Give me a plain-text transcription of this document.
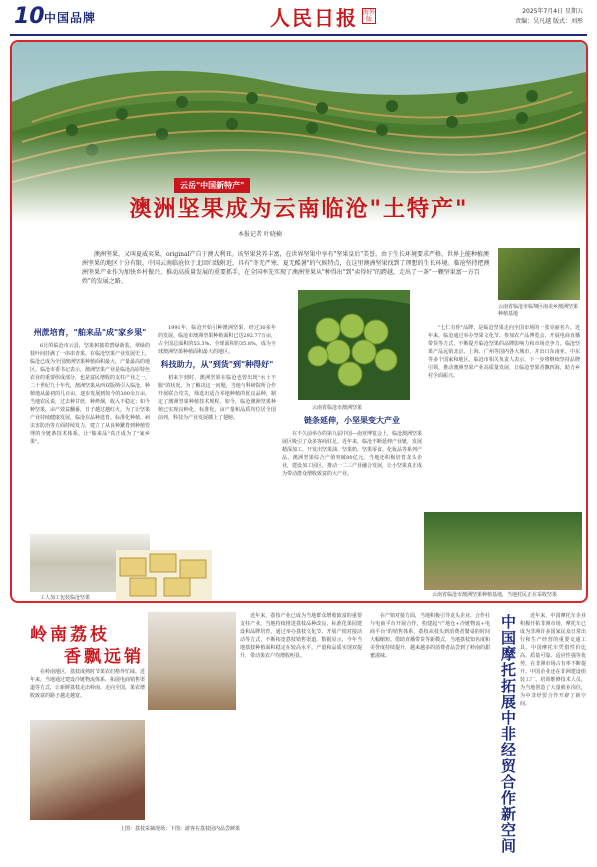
10 中国品牌	人民日报 海外版
2025年7月4日 星期五
责编：吴凡越 版式：刘彤
云岳"中国新特产"
澳洲坚果成为云南临沧"土特产"
本报记者 叶晓楠

澳洲坚果，又叫夏威夷果，original产自于澳大利亚。该坚果营养丰富，在世界坚果中享有"坚果皇后"美誉。由于生长环境要求严格，世界上能种植澳洲坚果的地区十分有限。中国云南临沧位于北回归线附近，具有"冬无严寒、夏无酷暑"的气候特点，在这里澳洲坚果找到了理想的生长环境。临沧坚持把澳洲坚果产业作为加快乡村振兴、推动高质量发展的重要抓手，在全国率先实现了澳洲坚果从"种得出"到"卖得好"的跨越，走出了一条"一颗坚果富一方百姓"的发展之路。

云南省临沧市临翔区南美乡澳洲坚果种植基地
州蔗培育，"舶来品"成"家乡果"

6月的临沧市云县，坚果树披着碧绿新装，翠绿的枝叶间挂满了一串串青果。在临沧坚果产业发展史上，临沧已成为全国澳洲坚果种植面积最大、产量最高的地区。临沧市委书记表示，澳洲坚果产业是临沧高原特色农业的重要组成部分，也是富民增收的支柱产业之一。二十世纪九十年代，澳洲坚果从西双版纳引入临沧，种植地从最初的几百亩，逐步发展到如今的300余万亩。当地农民说，过去种甘蔗、种烤烟，收入不稳定；如今种坚果，亩产效益翻番，日子越过越红火。为了让坚果产业持续健康发展，临沧在品种选育、标准化种植、病虫害防治等方面持续发力，建立了从良种繁育到种植管理的全链条技术体系，让"舶来品"真正成为了"家乡果"。

工人加工包装临沧坚果

1991年，临沧开始引种澳洲坚果，经过30多年的发展，临沧市澳洲坚果种植面积已达292.77万亩，占全国总面积的53.3%、全球面积的35.8%，成为全球澳洲坚果种植面积最大的地区。

科技助力，从"到货"到"种得好"

初来乍到时，澳洲坚果在临沧也曾出现"水土不服"的状况。为了解决这一问题，当地与科研院所合作开展联合攻关，筛选出适合本地种植的优良品种，制定了澳洲坚果种植技术规程。如今，临沧澳洲坚果种植已实现良种化、标准化，亩产量和品质均位居全国前列，科技为产业发展插上了翅膀。	链条延伸，小坚果变大产业

在不久前举办的第九届中国—南亚博览会上，临沧澳洲坚果展区吸引了众多客商驻足。近年来，临沧不断延伸产业链，发展精深加工，开发出坚果油、坚果奶、坚果零食、化妆品等系列产品，澳洲坚果综合产值突破80亿元。当地还积极培育龙头企业，建设加工园区，推动一二三产业融合发展，让小坚果真正成为带动群众增收致富的大产业。

云南省临沧市澳洲坚果

"七仁有你"品牌，是临沧坚果走向全国市场的一张亮丽名片。近年来，临沧通过举办坚果文化节、参加农产品博览会、开展电商直播带货等方式，不断提升临沧坚果的品牌影响力和市场竞争力。临沧坚果产品远销北京、上海、广州等国内各大城市，并出口东南亚、中东等多个国家和地区。临沧市相关负责人表示，下一步将继续坚持品牌引领，推动澳洲坚果产业高质量发展，让临沧坚果香飘四海，助力乡村全面振兴。

云南省临沧市澳洲坚果种植基地，当地村民正在采收坚果
岭南荔枝
香飘远销

在岭南地区，荔枝成熟时节果农们格外忙碌。近年来，当地通过建设冷链物流体系、拓展电商销售渠道等方式，让新鲜荔枝走出岭南、走向全国，果农增收致富的路子越走越宽。

上图：荔枝采摘现场；下图：游客在荔枝园内品尝鲜果

近年来，荔枝产业已成为当地群众增收致富的重要支柱产业。当地持续推进荔枝品种改良、标准化果园建设和品牌培育，通过举办荔枝文化节、开展产销对接活动等方式，不断拓宽荔枝销售渠道。数据显示，今年当地荔枝种植面积稳定在较高水平，产量和品质实现双提升，带动果农户均增收明显。

在产销对接方面，当地积极引导龙头企业、合作社与电商平台开展合作，构建起"产地仓+冷链物流+电商平台"的销售体系，荔枝从枝头到消费者餐桌的时间大幅缩短。借助直播带货等新模式，当地荔枝知名度和美誉度持续提升，越来越多的消费者品尝到了岭南的甜蜜滋味。	中国摩托拓展中非经贸合作新空间	近年来，中国摩托车企业积极开拓非洲市场，摩托车已成为非洲许多国家民众日常出行和生产经营的重要交通工具。中国摩托车凭借性价比高、质量可靠、适应性强等优势，在非洲市场占有率不断提升。中国企业还在非洲建设组装工厂、培训维修技术人员，为当地创造了大量就业岗位，为中非经贸合作开辟了新空间。
